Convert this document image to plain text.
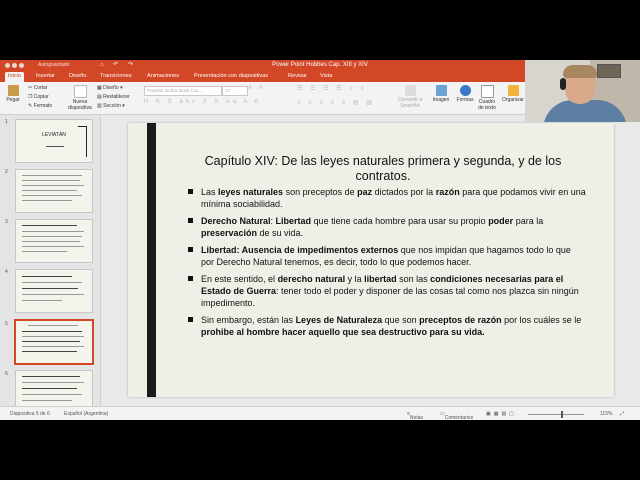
Autoguardado	⌂ ↶ ↷	Power Point Hobbes Cap. XIII y XIV
Inicio	Insertar	Diseño	Transiciones	Animaciones	Presentación con diapositivas	Revisar	Vista
Pegar
✂ Cortar
❐ Copiar
✎ Formato
Nueva diapositiva
▦ Diseño ▾
▤ Restablecer
▥ Sección ▾
Franklin Gothic Book (Cu...	17	A A
N K S abc X X Aa A A
☰ ☰ ☰ ☰ ≡ ≡
≡ ≡ ≡ ≡ ≡ ▤ ▥	Convertir a SmartArt
Imagen	Formas	Cuadro de texto
Organizar
1
LEVIATÁN
2
3
4
5
6
Capítulo XIV: De las leyes naturales primera y segunda, y de los contratos.
Las leyes naturales son preceptos de paz dictados por la razón para que podamos vivir en una mínima sociabilidad.
Derecho Natural: Libertad que tiene cada hombre para usar su propio poder para la preservación de su vida.
Libertad: Ausencia de impedimentos externos que nos impidan que hagamos todo lo que por Derecho Natural tenemos, es decir, todo lo que podemos hacer.
En este sentido, el derecho natural y la libertad son las condiciones necesarias para el Estado de Guerra: tener todo el poder y disponer de las cosas tal como nos plazca sin ningún impedimento.
Sin embargo, están las Leyes de Naturaleza que son preceptos de razón por los cuáles se le prohibe al hombre hacer aquello que sea destructivo para su vida.
Diapositiva 5 de 6	Español (Argentina)	≡
Notas
▭
Comentarios
▣▦▤▢	115% ⤢
